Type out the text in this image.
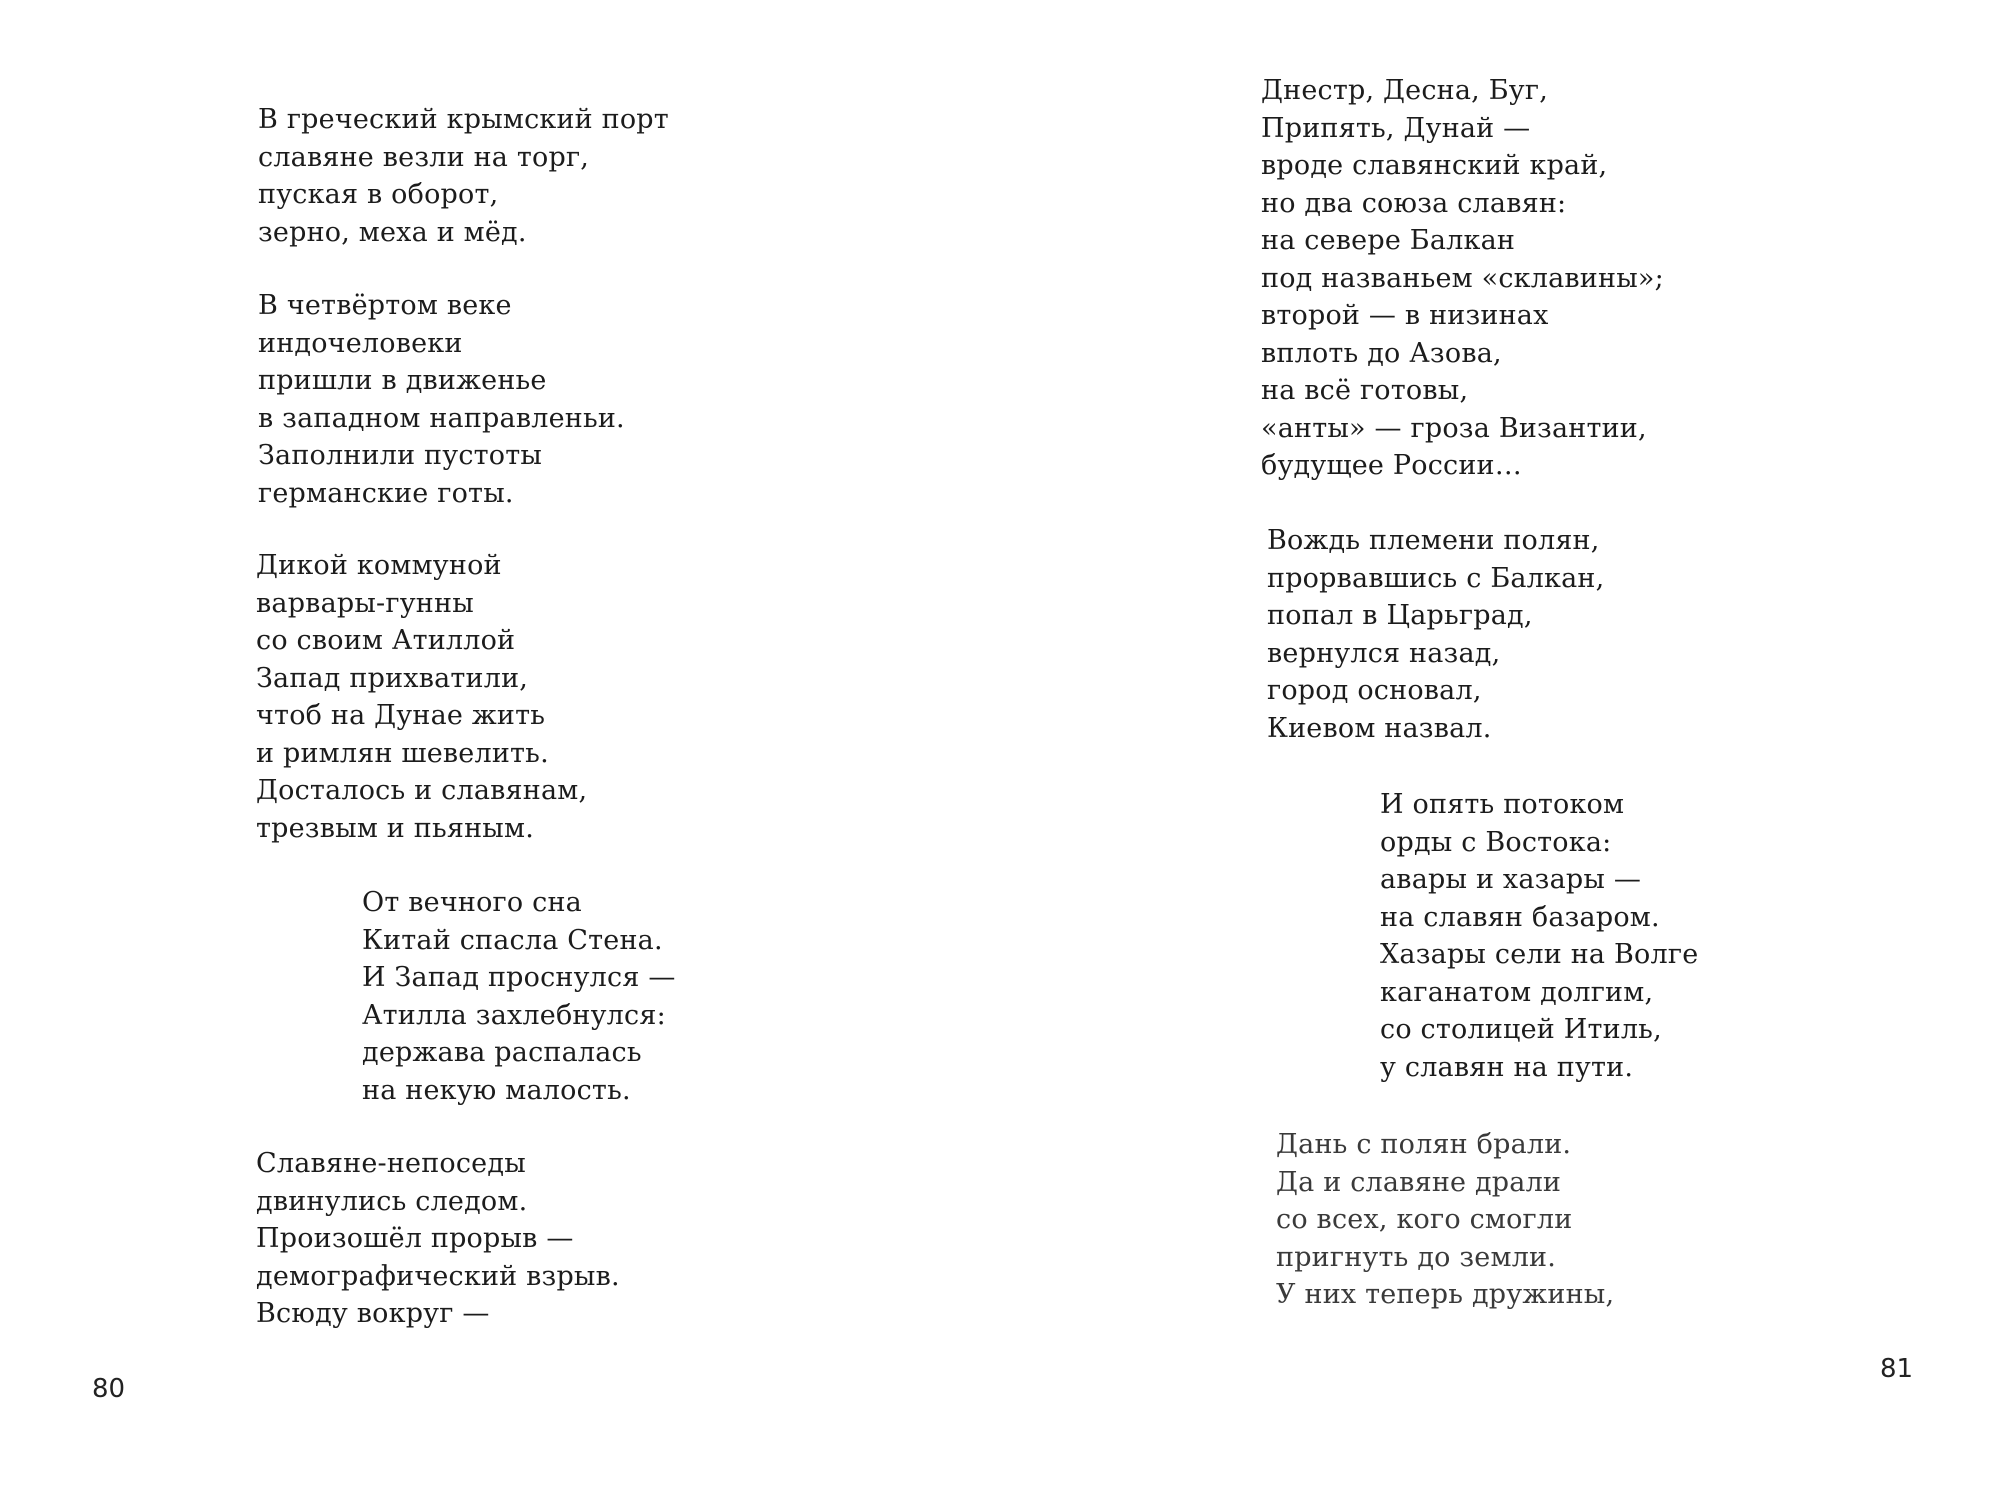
В греческий крымский порт
славяне везли на торг,
пуская в оборот,
зерно, меха и мёд.
В четвёртом веке
индочеловеки
пришли в движенье
в западном направленьи.
Заполнили пустоты
германские готы.
Дикой коммуной
варвары-гунны
со своим Атиллой
Запад прихватили,
чтоб на Дунае жить
и римлян шевелить.
Досталось и славянам,
трезвым и пьяным.
От вечного сна
Китай спасла Стена.
И Запад проснулся —
Атилла захлебнулся:
держава распалась
на некую малость.
Славяне-непоседы
двинулись следом.
Произошёл прорыв —
демографический взрыв.
Всюду вокруг —
80
Днестр, Десна, Буг,
Припять, Дунай —
вроде славянский край,
но два союза славян:
на севере Балкан
под названьем «склавины»;
второй — в низинах
вплоть до Азова,
на всё готовы,
«анты» — гроза Византии,
будущее России…
Вождь племени полян,
прорвавшись с Балкан,
попал в Царьград,
вернулся назад,
город основал,
Киевом назвал.
И опять потоком
орды с Востока:
авары и хазары —
на славян базаром.
Хазары сели на Волге
каганатом долгим,
со столицей Итиль,
у славян на пути.
Дань с полян брали.
Да и славяне драли
со всех, кого смогли
пригнуть до земли.
У них теперь дружины,
81
